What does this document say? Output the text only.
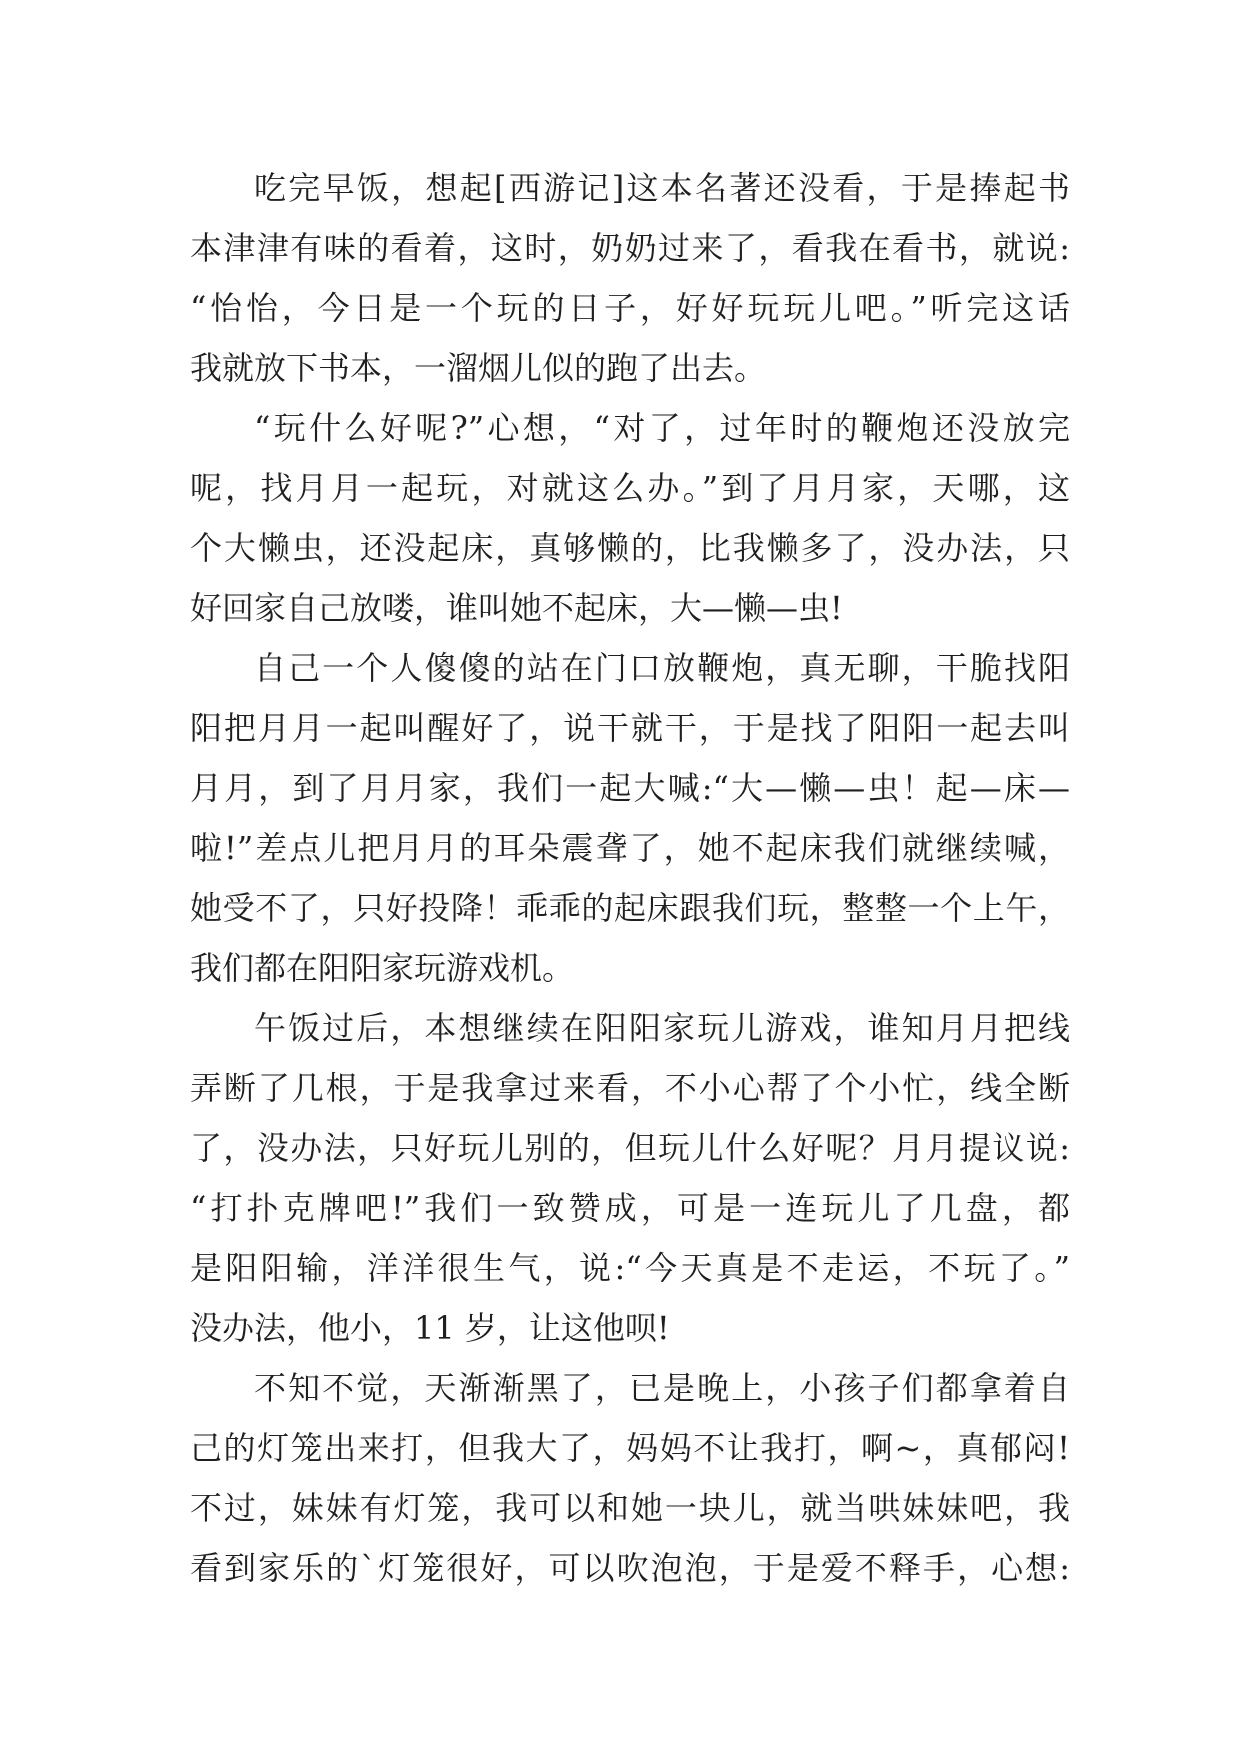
吃完早饭，想起[西游记]这本名著还没看，于是捧起书
本津津有味的看着，这时，奶奶过来了，看我在看书，就说:
“怡怡，今日是一个玩的日子，好好玩玩儿吧。”听完这话
我就放下书本，一溜烟儿似的跑了出去。
“玩什么好呢?”心想，“对了，过年时的鞭炮还没放完
呢，找月月一起玩，对就这么办。”到了月月家，天哪，这
个大懒虫，还没起床，真够懒的，比我懒多了，没办法，只
好回家自己放喽，谁叫她不起床，大—懒—虫!
自己一个人傻傻的站在门口放鞭炮，真无聊，干脆找阳
阳把月月一起叫醒好了，说干就干，于是找了阳阳一起去叫
月月，到了月月家，我们一起大喊:“大—懒—虫！起—床—
啦!”差点儿把月月的耳朵震聋了，她不起床我们就继续喊，
她受不了，只好投降！乖乖的起床跟我们玩，整整一个上午，
我们都在阳阳家玩游戏机。
午饭过后，本想继续在阳阳家玩儿游戏，谁知月月把线
弄断了几根，于是我拿过来看，不小心帮了个小忙，线全断
了，没办法，只好玩儿别的，但玩儿什么好呢？月月提议说:
“打扑克牌吧!”我们一致赞成，可是一连玩儿了几盘，都
是阳阳输，洋洋很生气，说:“今天真是不走运，不玩了。”
没办法，他小，11 岁，让这他呗!
不知不觉，天渐渐黑了，已是晚上，小孩子们都拿着自
己的灯笼出来打，但我大了，妈妈不让我打，啊~，真郁闷!
不过，妹妹有灯笼，我可以和她一块儿，就当哄妹妹吧，我
看到家乐的`灯笼很好，可以吹泡泡，于是爱不释手，心想:
